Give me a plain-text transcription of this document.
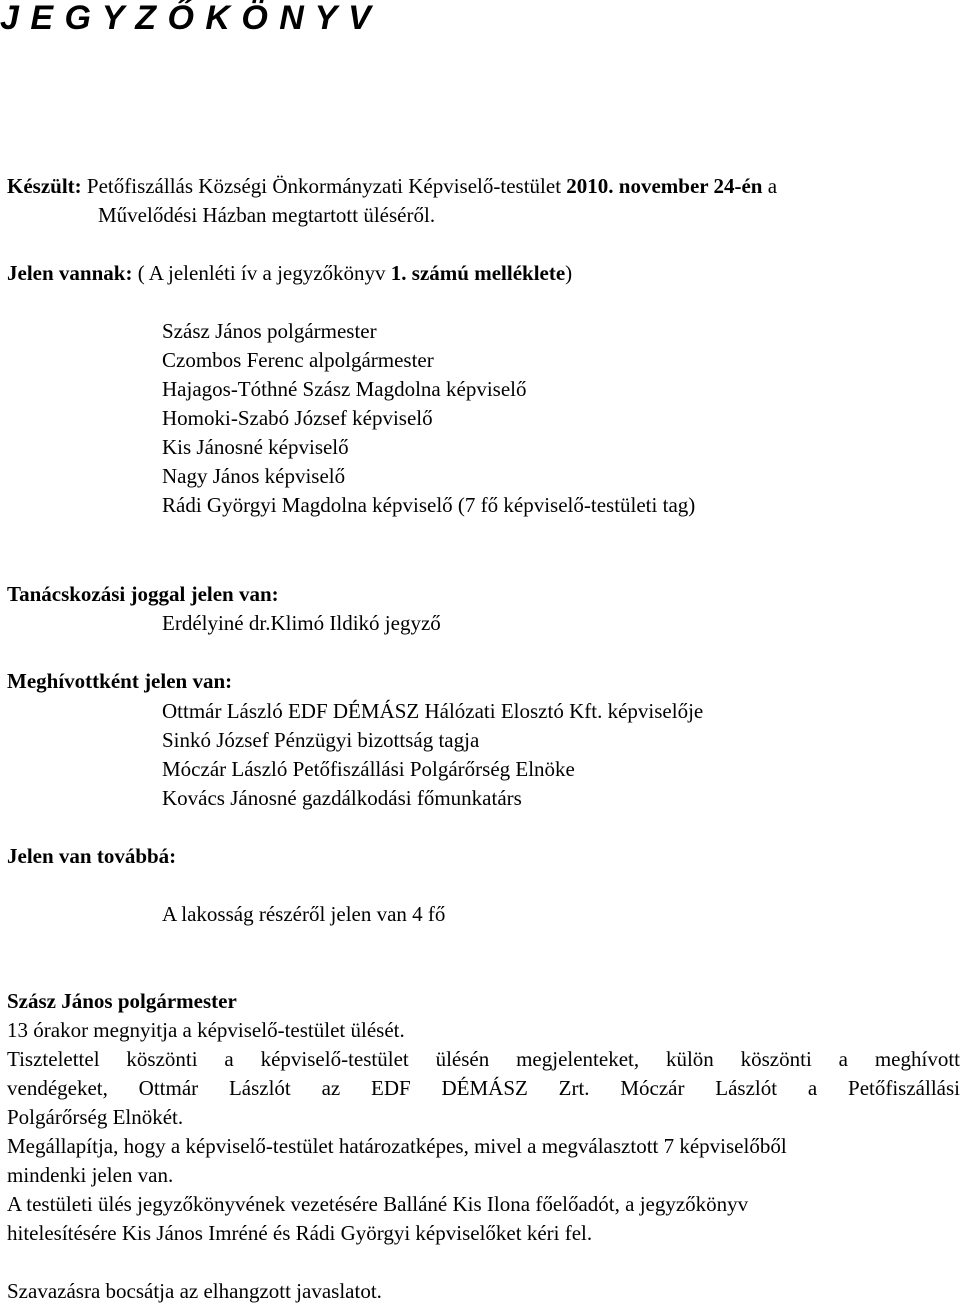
J E G Y Z Ő K Ö N Y V
Készült: Petőfiszállás Községi Önkormányzati Képviselő-testület 2010. november 24-én a
Művelődési Házban megtartott üléséről.
Jelen vannak: ( A jelenléti ív a jegyzőkönyv 1. számú melléklete)
Szász János polgármester
Czombos Ferenc alpolgármester
Hajagos-Tóthné Szász Magdolna képviselő
Homoki-Szabó József képviselő
Kis Jánosné képviselő
Nagy János képviselő
Rádi Györgyi Magdolna képviselő (7 fő képviselő-testületi tag)
Tanácskozási joggal jelen van:
Erdélyiné dr.Klimó Ildikó jegyző
Meghívottként jelen van:
Ottmár László EDF DÉMÁSZ Hálózati Elosztó Kft. képviselője
Sinkó József Pénzügyi bizottság tagja
Móczár László Petőfiszállási Polgárőrség Elnöke
Kovács Jánosné gazdálkodási főmunkatárs
Jelen van továbbá:
A lakosság részéről jelen van 4 fő
Szász János polgármester
13 órakor megnyitja a képviselő-testület ülését.
Tisztelettel köszönti a képviselő-testület ülésén megjelenteket, külön köszönti a meghívott
vendégeket, Ottmár Lászlót az EDF DÉMÁSZ Zrt. Móczár Lászlót a Petőfiszállási
Polgárőrség Elnökét.
Megállapítja, hogy a képviselő-testület határozatképes, mivel a megválasztott 7 képviselőből
mindenki jelen van.
A testületi ülés jegyzőkönyvének vezetésére Balláné Kis Ilona főelőadót, a jegyzőkönyv
hitelesítésére Kis János Imréné és Rádi Györgyi képviselőket kéri fel.
Szavazásra bocsátja az elhangzott javaslatot.
